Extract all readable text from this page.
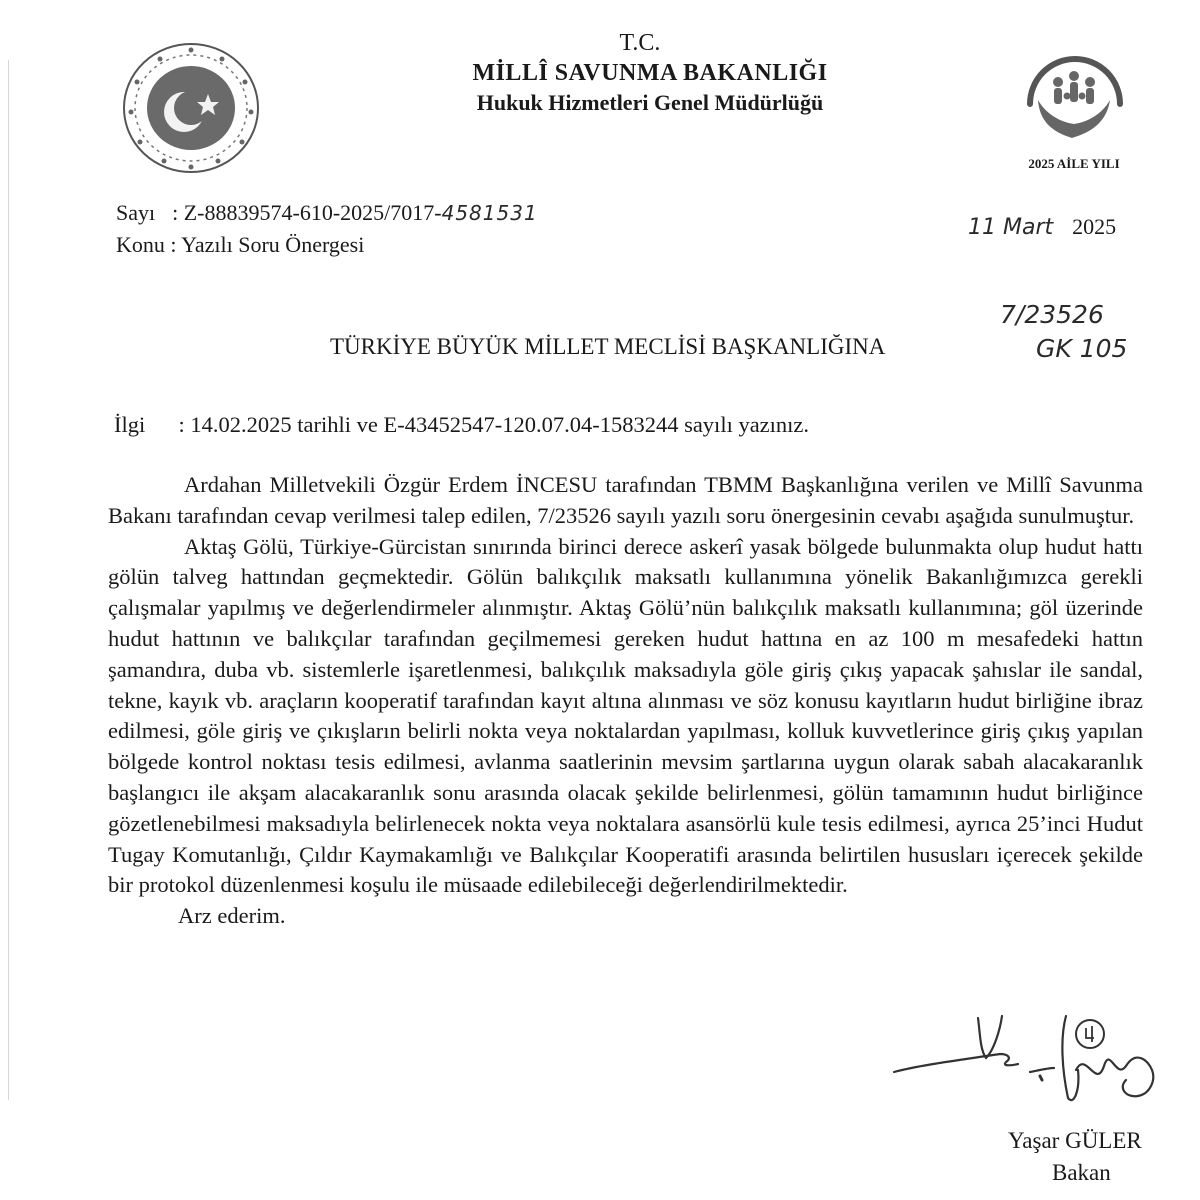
T.C.
MİLLÎ SAVUNMA BAKANLIĞI
Hukuk Hizmetleri Genel Müdürlüğü
2025 AİLE YILI
Sayı : Z-88839574-610-2025/7017-4581531
Konu : Yazılı Soru Önergesi
11 Mart 2025
7/23526
GK 105
TÜRKİYE BÜYÜK MİLLET MECLİSİ BAŞKANLIĞINA
İlgi : 14.02.2025 tarihli ve E-43452547-120.07.04-1583244 sayılı yazınız.

Ardahan Milletvekili Özgür Erdem İNCESU tarafından TBMM Başkanlığına verilen ve Millî Savunma Bakanı tarafından cevap verilmesi talep edilen, 7/23526 sayılı yazılı soru önergesinin cevabı aşağıda sunulmuştur.

Aktaş Gölü, Türkiye-Gürcistan sınırında birinci derece askerî yasak bölgede bulunmakta olup hudut hattı gölün talveg hattından geçmektedir. Gölün balıkçılık maksatlı kullanımına yönelik Bakanlığımızca gerekli çalışmalar yapılmış ve değerlendirmeler alınmıştır. Aktaş Gölü’nün balıkçılık maksatlı kullanımına; göl üzerinde hudut hattının ve balıkçılar tarafından geçilmemesi gereken hudut hattına en az 100 m mesafedeki hattın şamandıra, duba vb. sistemlerle işaretlenmesi, balıkçılık maksadıyla göle giriş çıkış yapacak şahıslar ile sandal, tekne, kayık vb. araçların kooperatif tarafından kayıt altına alınması ve söz konusu kayıtların hudut birliğine ibraz edilmesi, göle giriş ve çıkışların belirli nokta veya noktalardan yapılması, kolluk kuvvetlerince giriş çıkış yapılan bölgede kontrol noktası tesis edilmesi, avlanma saatlerinin mevsim şartlarına uygun olarak sabah alacakaranlık başlangıcı ile akşam alacakaranlık sonu arasında olacak şekilde belirlenmesi, gölün tamamının hudut birliğince gözetlenebilmesi maksadıyla belirlenecek nokta veya noktalara asansörlü kule tesis edilmesi, ayrıca 25’inci Hudut Tugay Komutanlığı, Çıldır Kaymakamlığı ve Balıkçılar Kooperatifi arasında belirtilen hususları içerecek şekilde bir protokol düzenlenmesi koşulu ile müsaade edilebileceği değerlendirilmektedir.

Arz ederim.

Yaşar GÜLER
Bakan
